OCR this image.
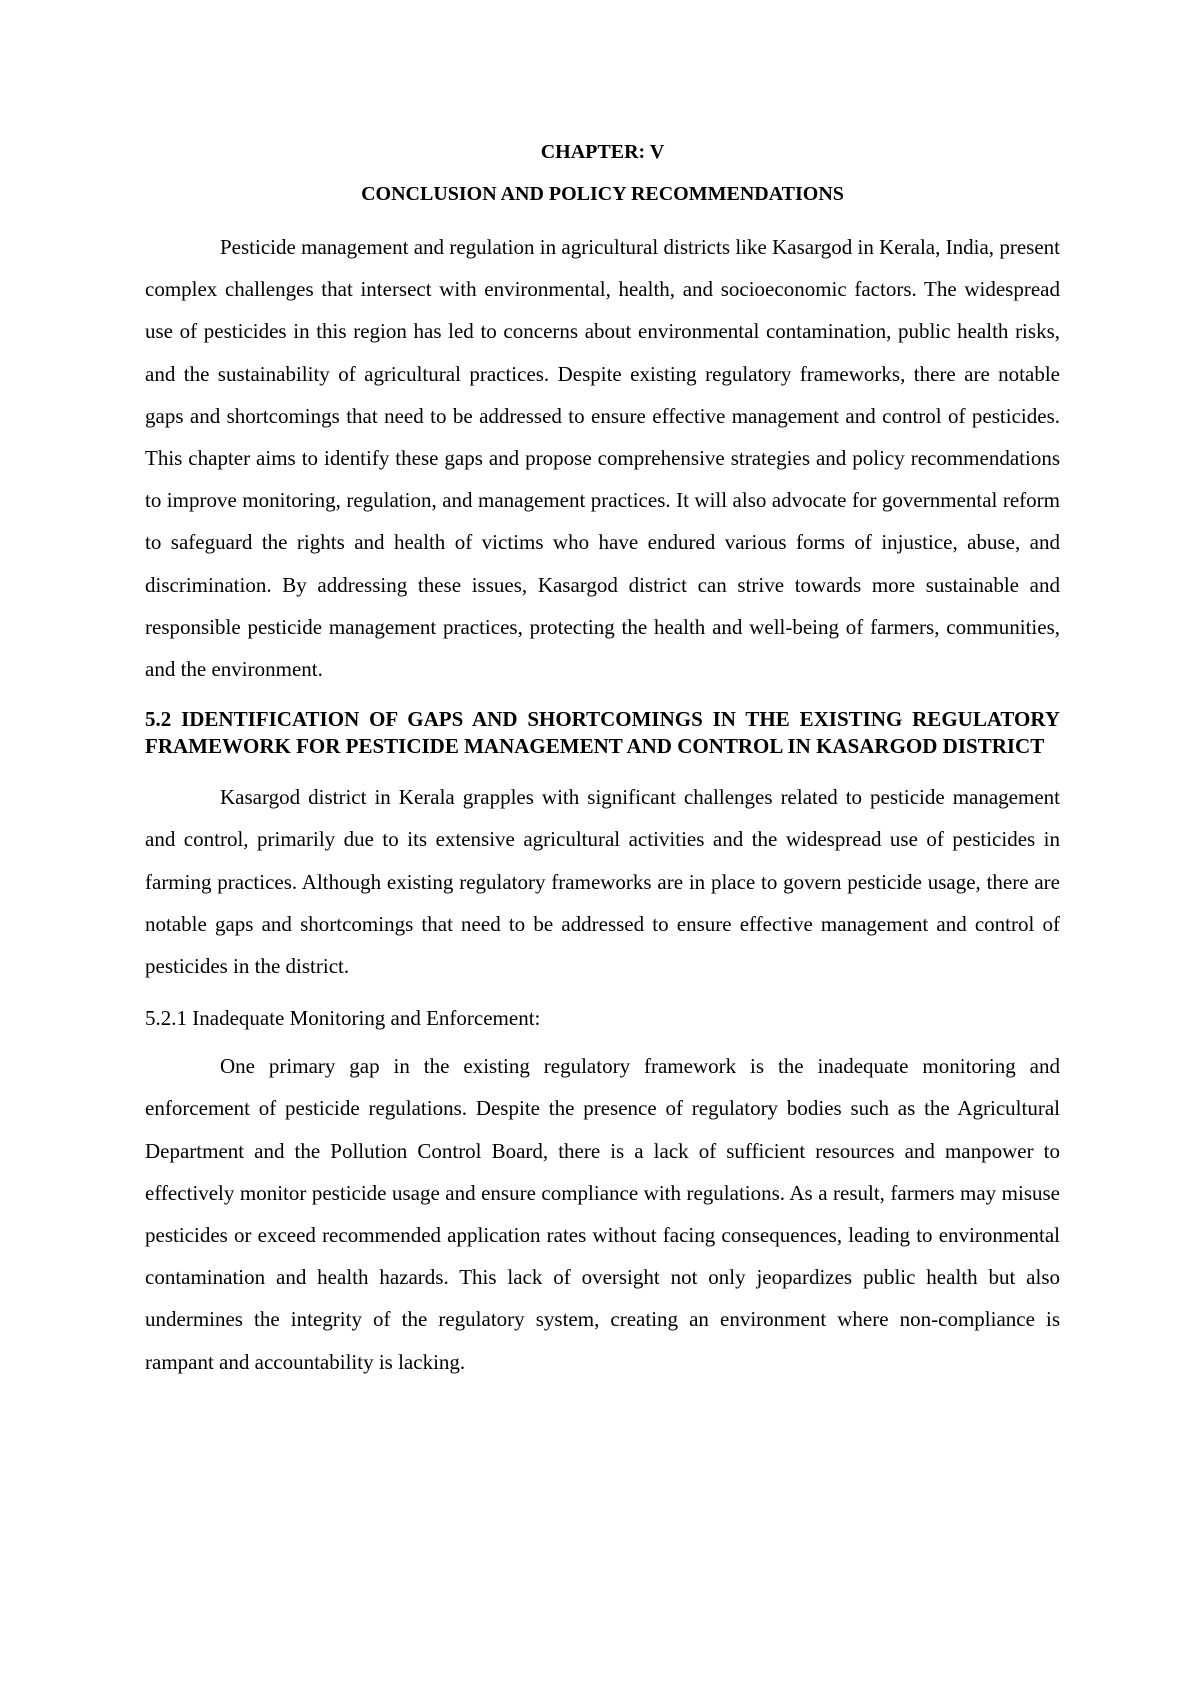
CHAPTER: V

CONCLUSION AND POLICY RECOMMENDATIONS

Pesticide management and regulation in agricultural districts like Kasargod in Kerala, India, present complex challenges that intersect with environmental, health, and socioeconomic factors. The widespread use of pesticides in this region has led to concerns about environmental contamination, public health risks, and the sustainability of agricultural practices. Despite existing regulatory frameworks, there are notable gaps and shortcomings that need to be addressed to ensure effective management and control of pesticides. This chapter aims to identify these gaps and propose comprehensive strategies and policy recommendations to improve monitoring, regulation, and management practices. It will also advocate for governmental reform to safeguard the rights and health of victims who have endured various forms of injustice, abuse, and discrimination. By addressing these issues, Kasargod district can strive towards more sustainable and responsible pesticide management practices, protecting the health and well-being of farmers, communities, and the environment.

5.2 IDENTIFICATION OF GAPS AND SHORTCOMINGS IN THE EXISTING REGULATORY FRAMEWORK FOR PESTICIDE MANAGEMENT AND CONTROL IN KASARGOD DISTRICT

Kasargod district in Kerala grapples with significant challenges related to pesticide management and control, primarily due to its extensive agricultural activities and the widespread use of pesticides in farming practices. Although existing regulatory frameworks are in place to govern pesticide usage, there are notable gaps and shortcomings that need to be addressed to ensure effective management and control of pesticides in the district.

5.2.1 Inadequate Monitoring and Enforcement:

One primary gap in the existing regulatory framework is the inadequate monitoring and enforcement of pesticide regulations. Despite the presence of regulatory bodies such as the Agricultural Department and the Pollution Control Board, there is a lack of sufficient resources and manpower to effectively monitor pesticide usage and ensure compliance with regulations. As a result, farmers may misuse pesticides or exceed recommended application rates without facing consequences, leading to environmental contamination and health hazards. This lack of oversight not only jeopardizes public health but also undermines the integrity of the regulatory system, creating an environment where non-compliance is rampant and accountability is lacking.
